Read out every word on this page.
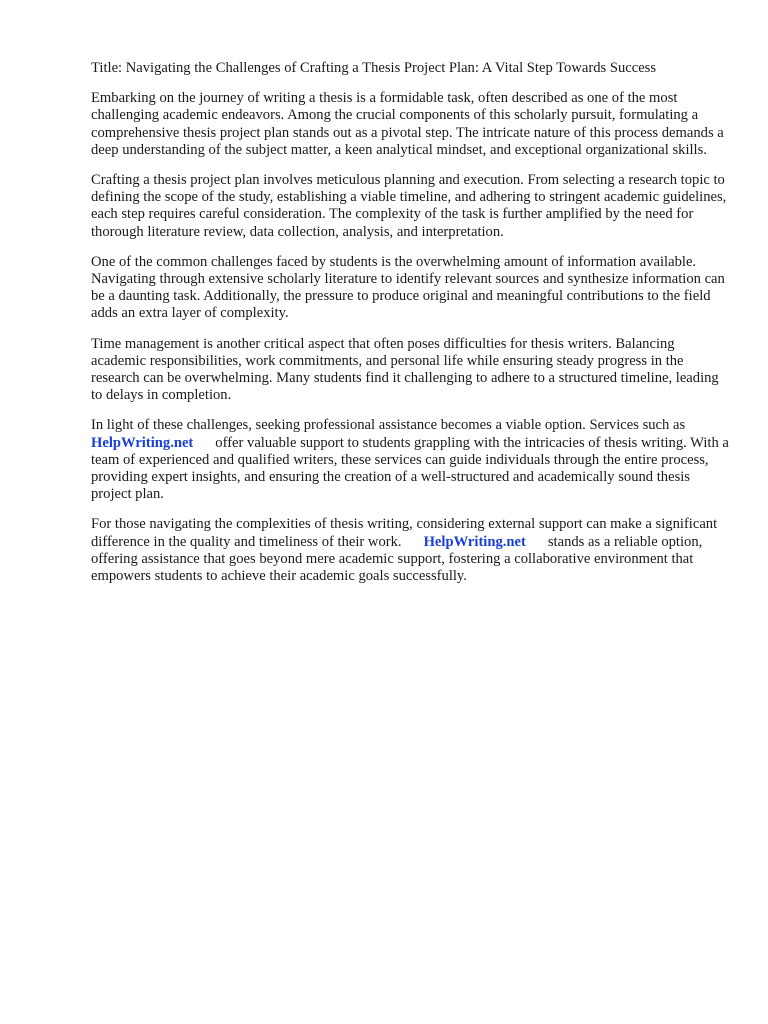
Title: Navigating the Challenges of Crafting a Thesis Project Plan: A Vital Step Towards Success

Embarking on the journey of writing a thesis is a formidable task, often described as one of the most challenging academic endeavors. Among the crucial components of this scholarly pursuit, formulating a comprehensive thesis project plan stands out as a pivotal step. The intricate nature of this process demands a deep understanding of the subject matter, a keen analytical mindset, and exceptional organizational skills.

Crafting a thesis project plan involves meticulous planning and execution. From selecting a research topic to defining the scope of the study, establishing a viable timeline, and adhering to stringent academic guidelines, each step requires careful consideration. The complexity of the task is further amplified by the need for thorough literature review, data collection, analysis, and interpretation.

One of the common challenges faced by students is the overwhelming amount of information available. Navigating through extensive scholarly literature to identify relevant sources and synthesize information can be a daunting task. Additionally, the pressure to produce original and meaningful contributions to the field adds an extra layer of complexity.

Time management is another critical aspect that often poses difficulties for thesis writers. Balancing academic responsibilities, work commitments, and personal life while ensuring steady progress in the research can be overwhelming. Many students find it challenging to adhere to a structured timeline, leading to delays in completion.

In light of these challenges, seeking professional assistance becomes a viable option. Services such asHelpWriting.net offer valuable support to students grappling with the intricacies of thesis writing. With a team of experienced and qualified writers, these services can guide individuals through the entire process, providing expert insights, and ensuring the creation of a well-structured and academically sound thesis project plan.

For those navigating the complexities of thesis writing, considering external support can make a significant difference in the quality and timeliness of their work. HelpWriting.net stands as a reliable option, offering assistance that goes beyond mere academic support, fostering a collaborative environment that empowers students to achieve their academic goals successfully.
